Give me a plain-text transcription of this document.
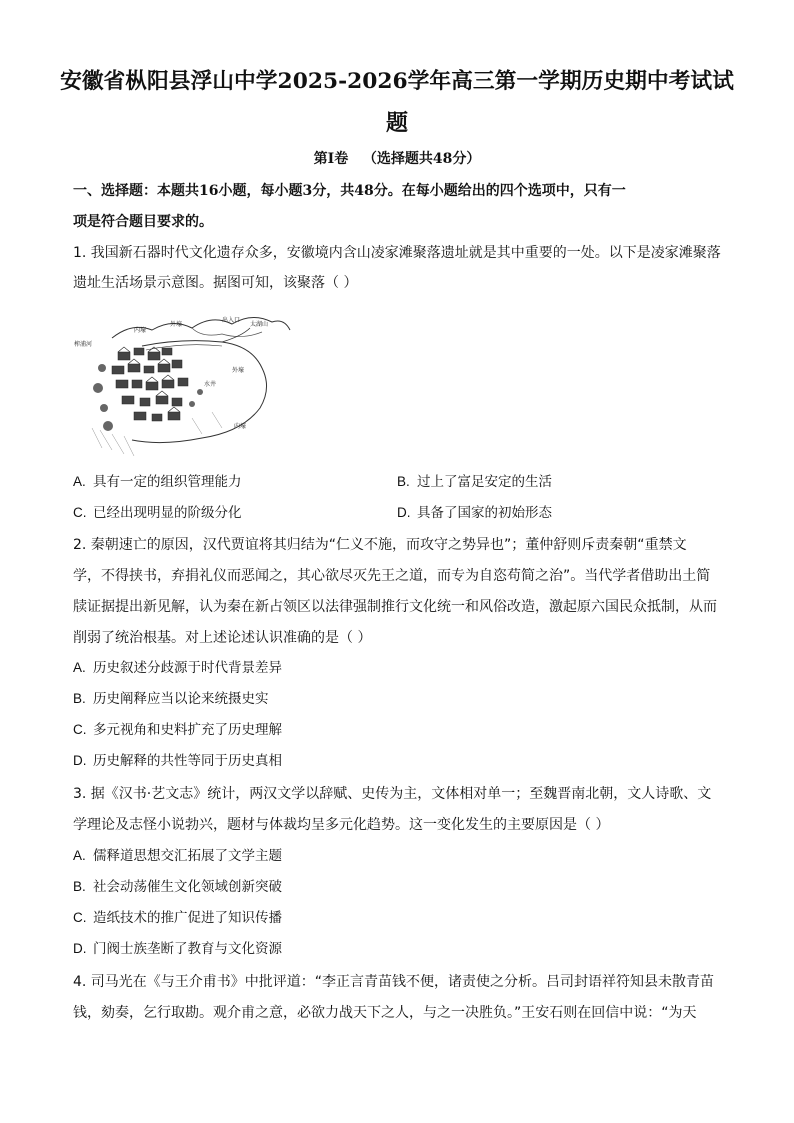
安徽省枞阳县浮山中学2025-2026学年高三第一学期历史期中考试试
题
第Ⅰ卷   （选择题共48分）
一、选择题：本题共16小题，每小题3分，共48分。在每小题给出的四个选项中，只有一
项是符合题目要求的。
1. 我国新石器时代文化遗存众多，安徽境内含山凌家滩聚落遗址就是其中重要的一处。以下是凌家滩聚落
遗址生活场景示意图。据图可知，该聚落（ ）
内壕
外壕
出入口
太湖山
榨浦河
外壕
内壕
水井
A. 具有一定的组织管理能力	B. 过上了富足安定的生活
C. 已经出现明显的阶级分化	D. 具备了国家的初始形态
2. 秦朝速亡的原因，汉代贾谊将其归结为“仁义不施，而攻守之势异也”；董仲舒则斥责秦朝“重禁文
学，不得挟书，弃捐礼仪而恶闻之，其心欲尽灭先王之道，而专为自恣苟简之治”。当代学者借助出土简
牍证据提出新见解，认为秦在新占领区以法律强制推行文化统一和风俗改造，激起原六国民众抵制，从而
削弱了统治根基。对上述论述认识准确的是（ ）
A. 历史叙述分歧源于时代背景差异
B. 历史阐释应当以论来统摄史实
C. 多元视角和史料扩充了历史理解
D. 历史解释的共性等同于历史真相
3. 据《汉书·艺文志》统计，两汉文学以辞赋、史传为主，文体相对单一；至魏晋南北朝，文人诗歌、文
学理论及志怪小说勃兴，题材与体裁均呈多元化趋势。这一变化发生的主要原因是（ ）
A. 儒释道思想交汇拓展了文学主题
B. 社会动荡催生文化领域创新突破
C. 造纸技术的推广促进了知识传播
D. 门阀士族垄断了教育与文化资源
4. 司马光在《与王介甫书》中批评道：“李正言青苗钱不便，诸责使之分析。吕司封语祥符知县未散青苗
钱，劾奏，乞行取勘。观介甫之意，必欲力战天下之人，与之一决胜负。”王安石则在回信中说：“为天
